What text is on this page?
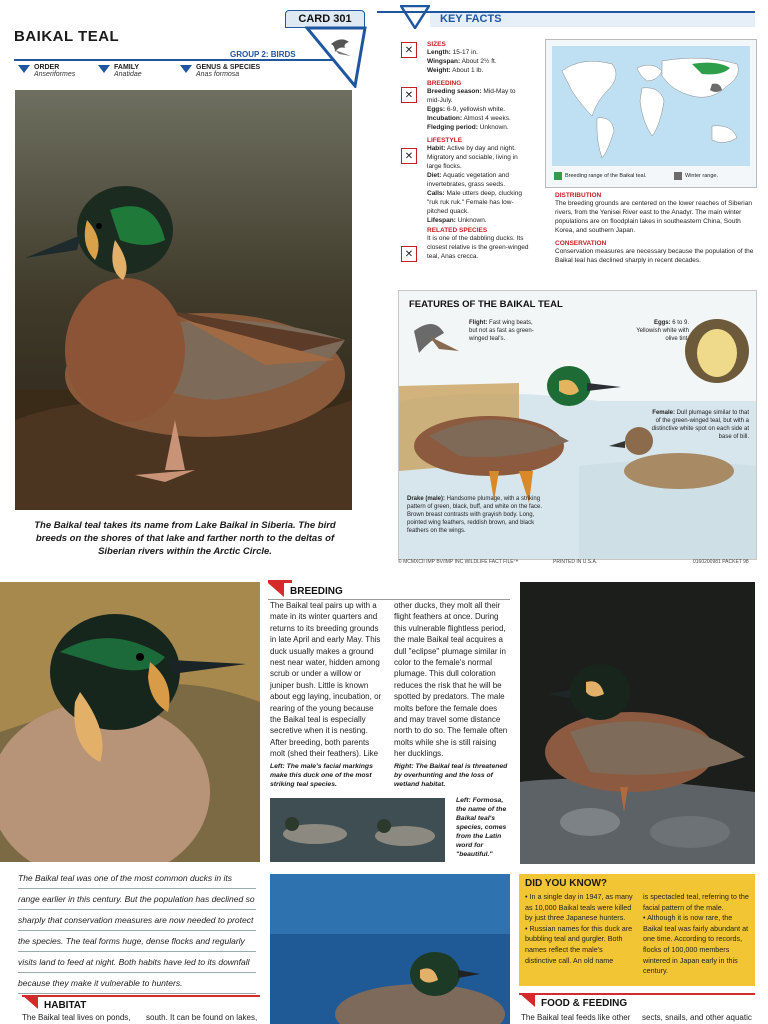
BAIKAL TEAL
CARD 301
GROUP 2: BIRDS
ORDER
Anseriformes
FAMILY
Anatidae
GENUS & SPECIES
Anas formosa
The Baikal teal takes its name from Lake Baikal in Siberia. The bird breeds on the shores of that lake and farther north to the deltas of Siberian rivers within the Arctic Circle.
KEY FACTS
✕
✕
✕
✕
SIZES
Length: 15-17 in.
Wingspan: About 2½ ft.
Weight: About 1 lb.
BREEDING
Breeding season: Mid-May to mid-July.
Eggs: 6-9, yellowish white.
Incubation: Almost 4 weeks.
Fledging period: Unknown.
LIFESTYLE
Habit: Active by day and night. Migratory and sociable, living in large flocks.
Diet: Aquatic vegetation and invertebrates, grass seeds.
Calls: Male utters deep, clucking "ruk ruk ruk." Female has low-pitched quack.
Lifespan: Unknown.
RELATED SPECIES
It is one of the dabbling ducks. Its closest relative is the green-winged teal, Anas crecca.
Breeding range of the Baikal teal.	Winter range.
DISTRIBUTION
The breeding grounds are centered on the lower reaches of Siberian rivers, from the Yenisei River east to the Anadyr. The main winter populations are on floodplain lakes in southeastern China, South Korea, and southern Japan.
CONSERVATION
Conservation measures are necessary because the population of the Baikal teal has declined sharply in recent decades.
FEATURES OF THE BAIKAL TEAL
Flight: Fast wing beats, but not as fast as green-winged teal's.
Eggs: 6 to 9. Yellowish white with olive tint.
Female: Dull plumage similar to that of the green-winged teal, but with a distinctive white spot on each side at base of bill.
Drake (male): Handsome plumage, with a striking pattern of green, black, buff, and white on the face. Brown breast contrasts with grayish body. Long, pointed wing feathers, reddish brown, and black feathers on the wings.
© MCMXCII IMP BV/IMP INC WILDLIFE FACT FILE™	PRINTED IN U.S.A.	0160200981 PACKET 98
BREEDING
The Baikal teal pairs up with a mate in its winter quarters and returns to its breeding grounds in late April and early May. This duck usually makes a ground nest near water, hidden among scrub or under a willow or juniper bush. Little is known about egg laying, incubation, or rearing of the young because the Baikal teal is especially secretive when it is nesting. After breeding, both parents molt (shed their feathers). Like
other ducks, they molt all their flight feathers at once. During this vulnerable flightless period, the male Baikal teal acquires a dull "eclipse" plumage similar in color to the female's normal plumage. This dull coloration reduces the risk that he will be spotted by predators. The male molts before the female does and may travel some distance north to do so. The female often molts while she is still raising her ducklings.
Left: The male's facial markings make this duck one of the most striking teal species.
Right: The Baikal teal is threatened by overhunting and the loss of wetland habitat.
Left: Formosa, the name of the Baikal teal's species, comes from the Latin word for "beautiful."
The Baikal teal was one of the most common ducks in its range earlier in this century. But the population has declined so sharply that conservation measures are now needed to protect the species. The teal forms huge, dense flocks and regularly visits land to feed at night. Both habits have led to its downfall because they make it vulnerable to hunters.
DID YOU KNOW?
• In a single day in 1947, as many as 10,000 Baikal teals were killed by just three Japanese hunters.
• Russian names for this duck are bubbling teal and gurgler. Both names reflect the male's distinctive call. An old name
is spectacled teal, referring to the facial pattern of the male.
• Although it is now rare, the Baikal teal was fairly abundant at one time. According to records, flocks of 100,000 members wintered in Japan early in this century.
HABITAT
The Baikal teal lives on ponds,	south. It can be found on lakes,
FOOD & FEEDING
The Baikal teal feeds like other	sects, snails, and other aquatic
